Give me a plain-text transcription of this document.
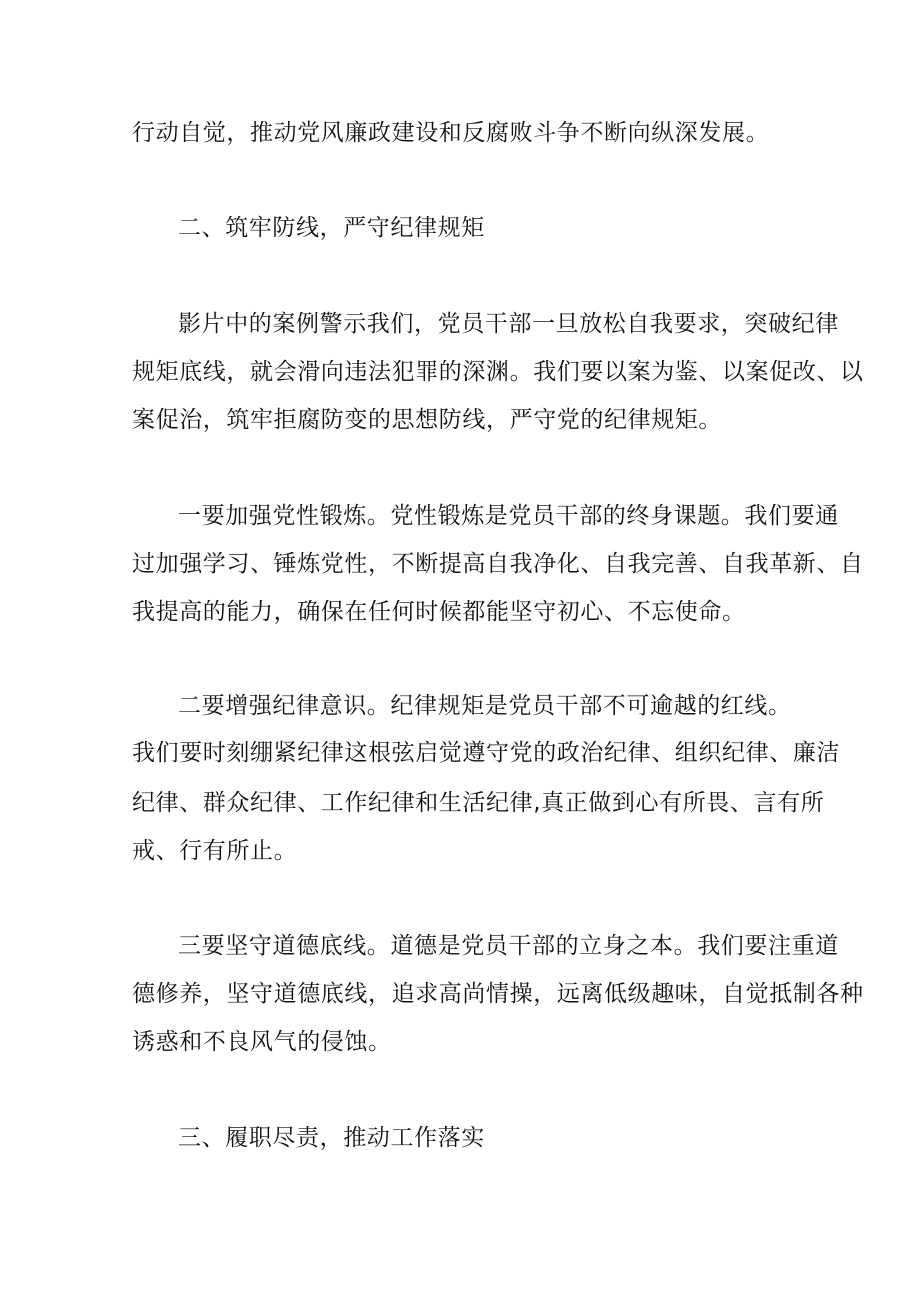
行动自觉，推动党风廉政建设和反腐败斗争不断向纵深发展。
二、筑牢防线，严守纪律规矩
影片中的案例警示我们，党员干部一旦放松自我要求，突破纪律
规矩底线，就会滑向违法犯罪的深渊。我们要以案为鉴、以案促改、以
案促治，筑牢拒腐防变的思想防线，严守党的纪律规矩。
一要加强党性锻炼。党性锻炼是党员干部的终身课题。我们要通
过加强学习、锤炼党性，不断提高自我净化、自我完善、自我革新、自
我提高的能力，确保在任何时候都能坚守初心、不忘使命。
二要增强纪律意识。纪律规矩是党员干部不可逾越的红线。
我们要时刻绷紧纪律这根弦启觉遵守党的政治纪律、组织纪律、廉洁
纪律、群众纪律、工作纪律和生活纪律,真正做到心有所畏、言有所
戒、行有所止。
三要坚守道德底线。道德是党员干部的立身之本。我们要注重道
德修养，坚守道德底线，追求高尚情操，远离低级趣味，自觉抵制各种
诱惑和不良风气的侵蚀。
三、履职尽责，推动工作落实
